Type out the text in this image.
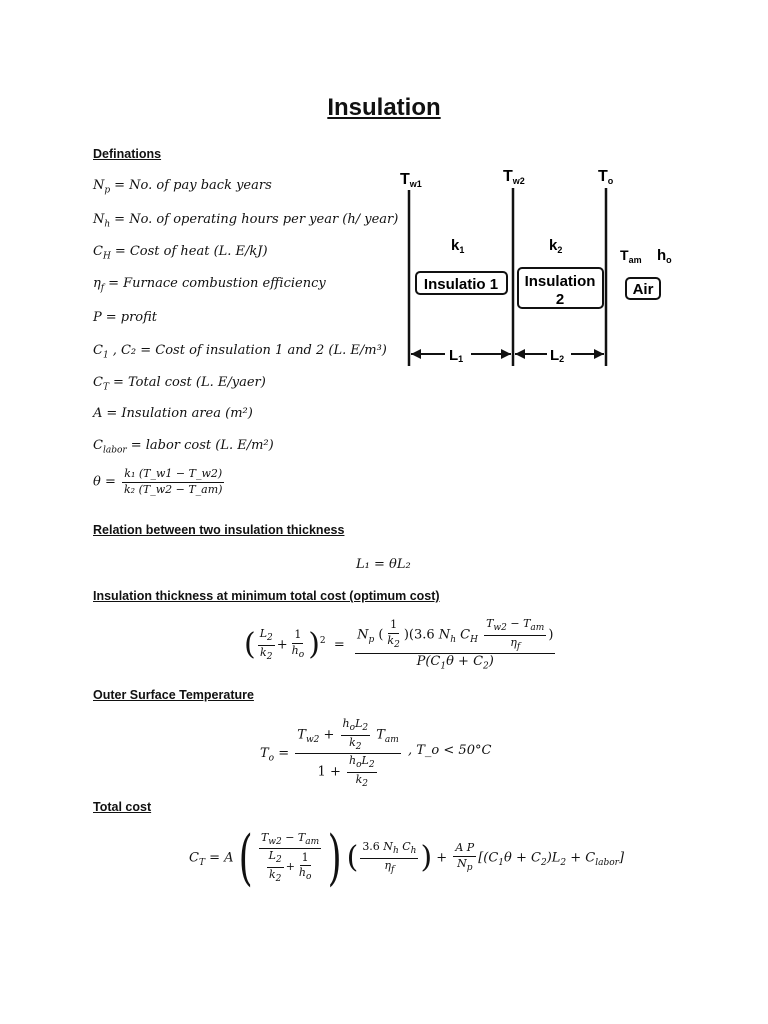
Insulation
Definations
$N_p = No$. of pay back years
$N_h = No$. of operating hours per year (h/ year)
$C_H$ = Cost of heat (L. E/kJ)
$\eta_f$ = Furnace combustion efficiency
P = profit
$C_1$ , C₂ = Cost of insulation 1 and 2 (L. E/m³)
$C_T$ = Total cost (L. E/yaer)
A = Insulation area (m²)
$C_{labor}$ = labor cost (L. E/m²)
$\theta = \frac{\text{k₁ (T\_w1 − T\_w2)}}{\text{k₂ (T\_w2 − T\_am)}}$
Relation between two insulation thickness
L₁ = θL₂
Insulation thickness at minimum total cost (optimum cost)
( $\frac{L_2}{k_2} + \frac{1}{h_o} )^2 = \frac{N_p ( \frac{1}{k_2} )(3.6 N_h C_H \frac{T_{w2} - T_{am}}{\eta_f} )}{P(C_1\theta + C_2)}$
Outer Surface Temperature
$T_o = \frac{T_{w2} + \frac{h_oL_2}{k_2} T_{am}}{1 + \frac{h_oL_2}{k_2}}$ , T_o < 50°C
Total cost
$C_T = A( \frac{T_{w2} - T_{am}}{\frac{L_2}{k_2} + \frac{1}{h_o}}$ ) ( $\frac{3.6 N_h C_h}{\eta_f}$ ) + $\frac{\text{A P}}{N_p} [(C_1\theta + C_2)L_2 + C_{labor}]$
Tw1	Tw2	To
$k_1$	$k_2$	$T_{am}$ $h_o$
Insulatio 1 Insulation
2
Air
L1	L2
